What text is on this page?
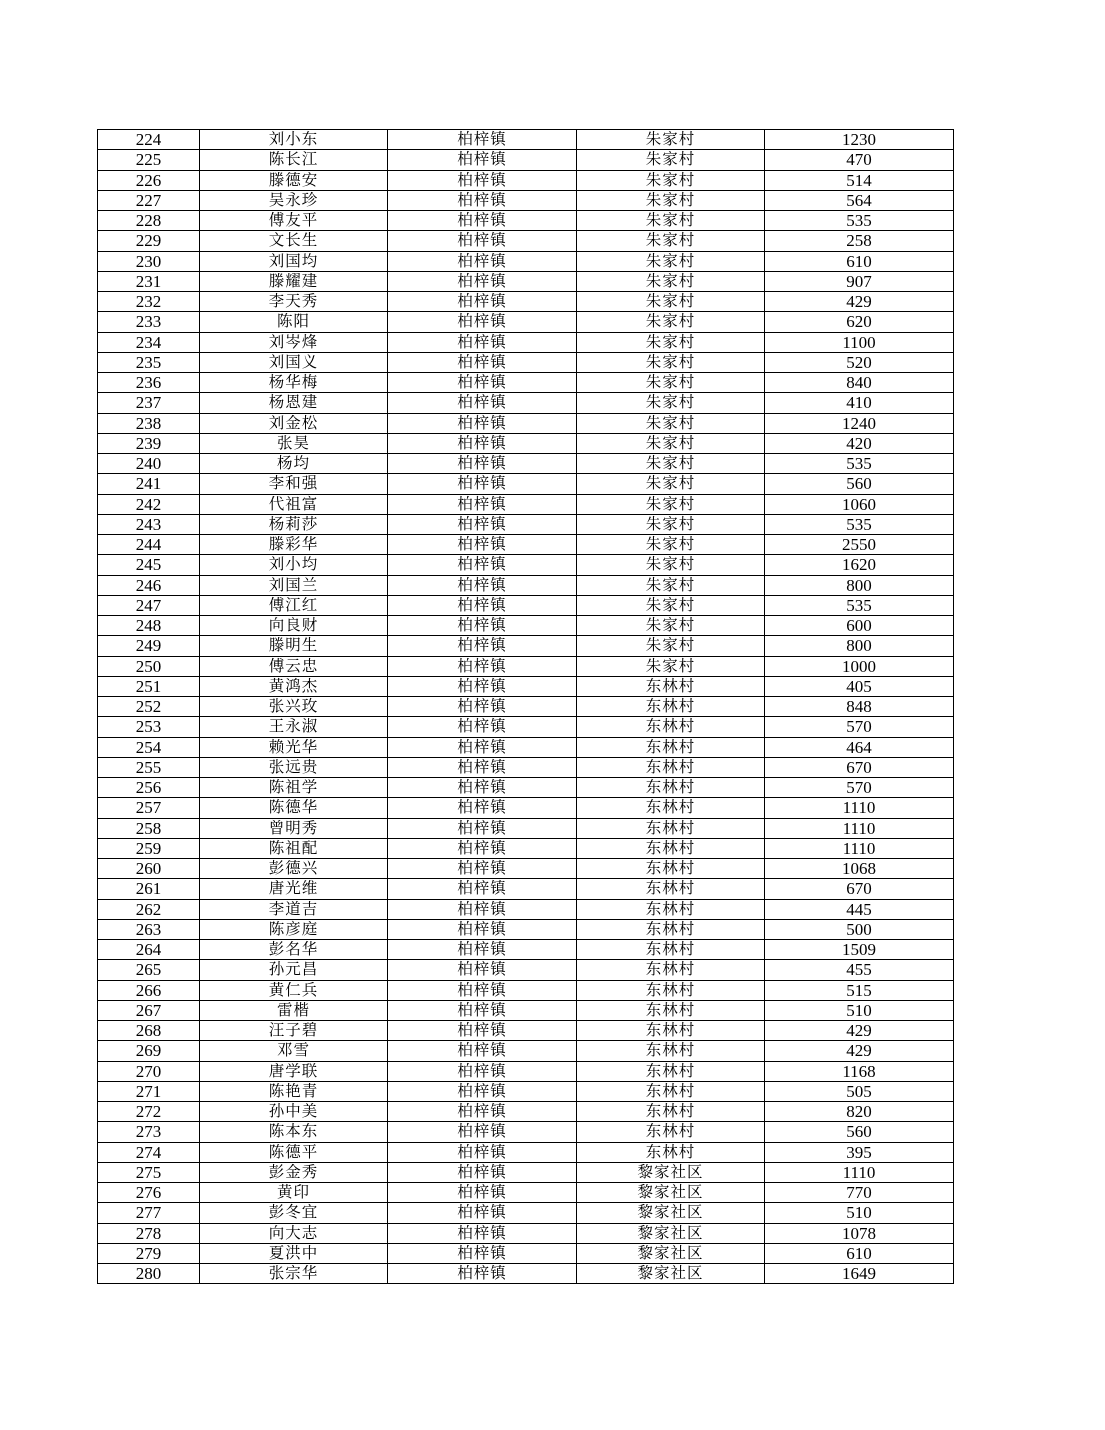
224	刘小东	柏梓镇	朱家村	1230
225	陈长江	柏梓镇	朱家村	470
226	滕德安	柏梓镇	朱家村	514
227	吴永珍	柏梓镇	朱家村	564
228	傅友平	柏梓镇	朱家村	535
229	文长生	柏梓镇	朱家村	258
230	刘国均	柏梓镇	朱家村	610
231	滕耀建	柏梓镇	朱家村	907
232	李天秀	柏梓镇	朱家村	429
233	陈阳	柏梓镇	朱家村	620
234	刘岑烽	柏梓镇	朱家村	1100
235	刘国义	柏梓镇	朱家村	520
236	杨华梅	柏梓镇	朱家村	840
237	杨恩建	柏梓镇	朱家村	410
238	刘金松	柏梓镇	朱家村	1240
239	张昊	柏梓镇	朱家村	420
240	杨均	柏梓镇	朱家村	535
241	李和强	柏梓镇	朱家村	560
242	代祖富	柏梓镇	朱家村	1060
243	杨莉莎	柏梓镇	朱家村	535
244	滕彩华	柏梓镇	朱家村	2550
245	刘小均	柏梓镇	朱家村	1620
246	刘国兰	柏梓镇	朱家村	800
247	傅江红	柏梓镇	朱家村	535
248	向良财	柏梓镇	朱家村	600
249	滕明生	柏梓镇	朱家村	800
250	傅云忠	柏梓镇	朱家村	1000
251	黄鸿杰	柏梓镇	东林村	405
252	张兴玫	柏梓镇	东林村	848
253	王永淑	柏梓镇	东林村	570
254	赖光华	柏梓镇	东林村	464
255	张远贵	柏梓镇	东林村	670
256	陈祖学	柏梓镇	东林村	570
257	陈德华	柏梓镇	东林村	1110
258	曾明秀	柏梓镇	东林村	1110
259	陈祖配	柏梓镇	东林村	1110
260	彭德兴	柏梓镇	东林村	1068
261	唐光维	柏梓镇	东林村	670
262	李道吉	柏梓镇	东林村	445
263	陈彦庭	柏梓镇	东林村	500
264	彭名华	柏梓镇	东林村	1509
265	孙元昌	柏梓镇	东林村	455
266	黄仁兵	柏梓镇	东林村	515
267	雷楷	柏梓镇	东林村	510
268	汪子碧	柏梓镇	东林村	429
269	邓雪	柏梓镇	东林村	429
270	唐学联	柏梓镇	东林村	1168
271	陈艳青	柏梓镇	东林村	505
272	孙中美	柏梓镇	东林村	820
273	陈本东	柏梓镇	东林村	560
274	陈德平	柏梓镇	东林村	395
275	彭金秀	柏梓镇	黎家社区	1110
276	黄印	柏梓镇	黎家社区	770
277	彭冬宜	柏梓镇	黎家社区	510
278	向大志	柏梓镇	黎家社区	1078
279	夏洪中	柏梓镇	黎家社区	610
280	张宗华	柏梓镇	黎家社区	1649
